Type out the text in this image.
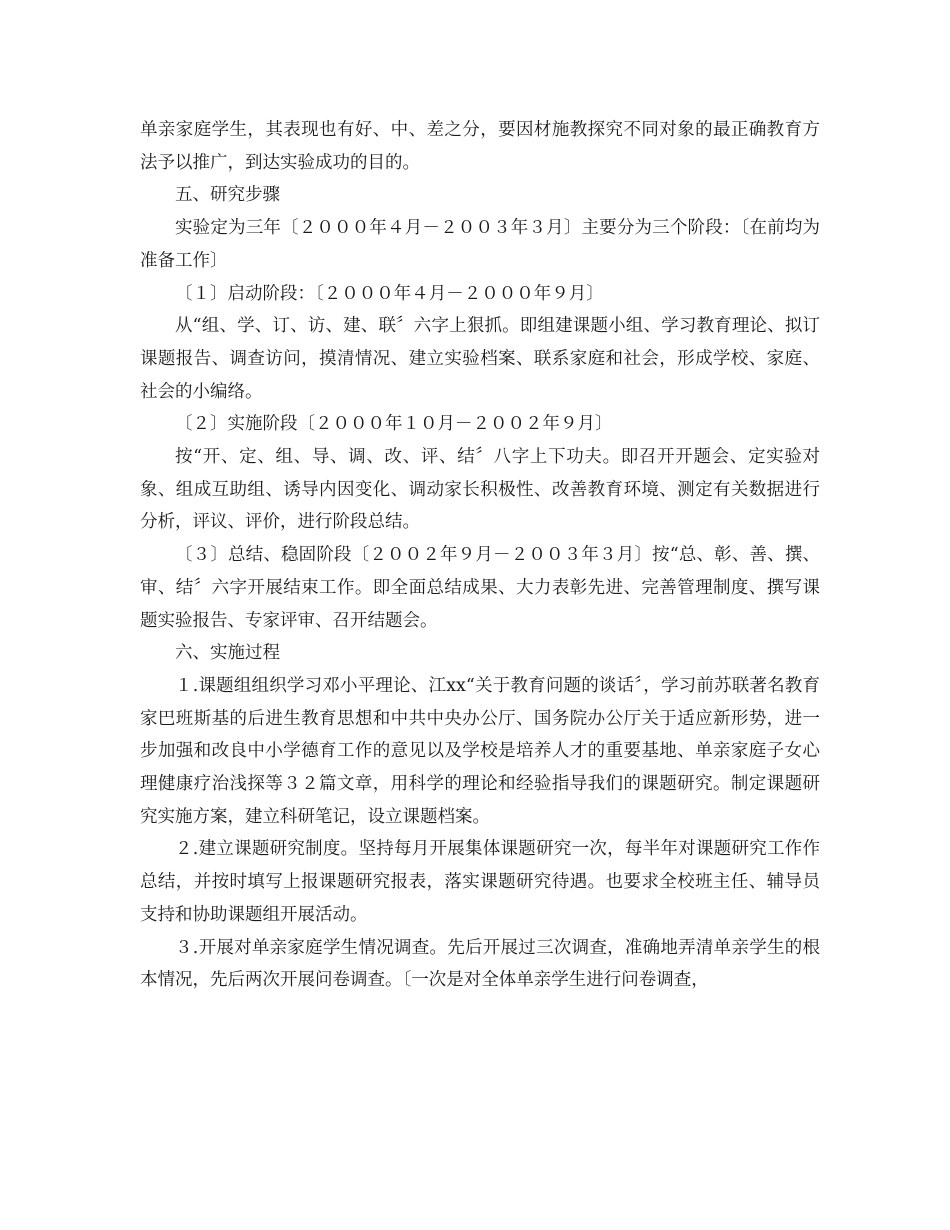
单亲家庭学生，其表现也有好、中、差之分，要因材施教探究不同对象的最正确教育方法予以推广，到达实验成功的目的。

五、研究步骤

实验定为三年〔２０００年４月－２００３年３月〕主要分为三个阶段：〔在前均为准备工作〕

〔１〕启动阶段：〔２０００年４月－２０００年９月〕

从“组、学、订、访、建、联〞六字上狠抓。即组建课题小组、学习教育理论、拟订课题报告、调查访问，摸清情况、建立实验档案、联系家庭和社会，形成学校、家庭、社会的小编络。

〔２〕实施阶段〔２０００年１０月－２００２年９月〕

按“开、定、组、导、调、改、评、结〞八字上下功夫。即召开开题会、定实验对象、组成互助组、诱导内因变化、调动家长积极性、改善教育环境、测定有关数据进行分析，评议、评价，进行阶段总结。

〔３〕总结、稳固阶段〔２００２年９月－２００３年３月〕按“总、彰、善、撰、审、结〞六字开展结束工作。即全面总结成果、大力表彰先进、完善管理制度、撰写课题实验报告、专家评审、召开结题会。

六、实施过程

１.课题组组织学习邓小平理论、江xx“关于教育问题的谈话〞，学习前苏联著名教育家巴班斯基的后进生教育思想和中共中央办公厅、国务院办公厅关于适应新形势，进一步加强和改良中小学德育工作的意见以及学校是培养人才的重要基地、单亲家庭子女心理健康疗治浅探等３２篇文章，用科学的理论和经验指导我们的课题研究。制定课题研究实施方案，建立科研笔记，设立课题档案。

２.建立课题研究制度。坚持每月开展集体课题研究一次，每半年对课题研究工作作总结，并按时填写上报课题研究报表，落实课题研究待遇。也要求全校班主任、辅导员支持和协助课题组开展活动。

３.开展对单亲家庭学生情况调查。先后开展过三次调查，准确地弄清单亲学生的根本情况，先后两次开展问卷调查。〔一次是对全体单亲学生进行问卷调查，
